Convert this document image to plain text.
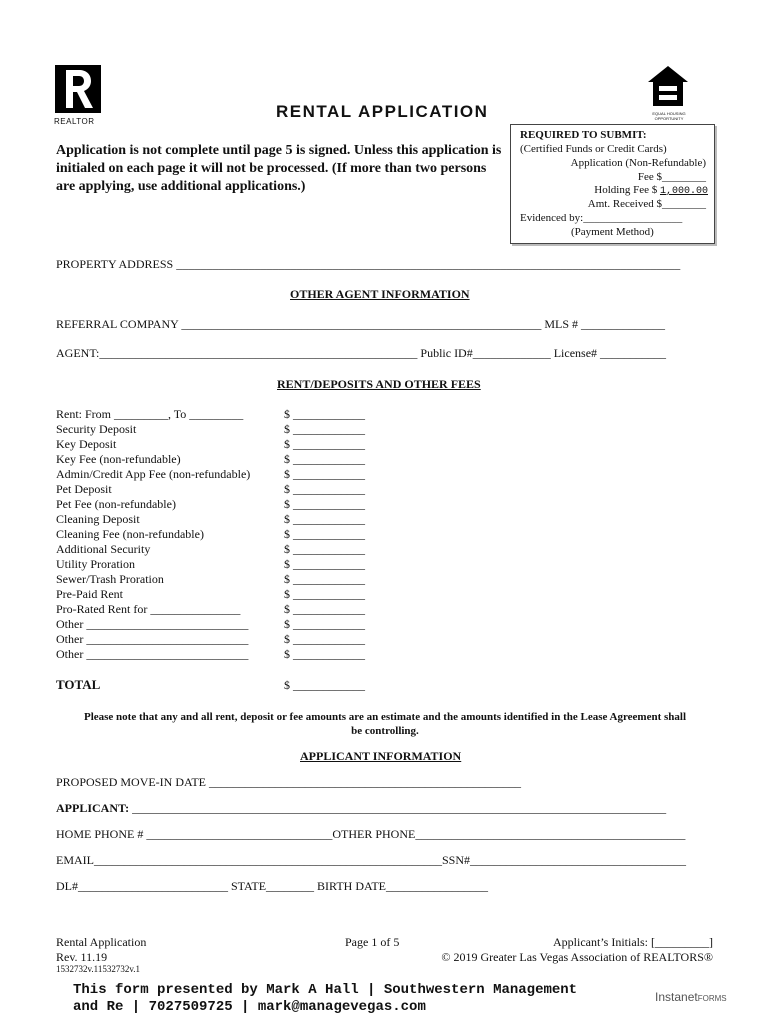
REALTOR
EQUAL HOUSING OPPORTUNITY
RENTAL APPLICATION
Application is not complete until page 5 is signed. Unless this application is initialed on each page it will not be processed. (If more than two persons are applying, use additional applications.)
REQUIRED TO SUBMIT:
(Certified Funds or Credit Cards)
Application (Non-Refundable)
Fee $________
Holding Fee $ 1,000.00
Amt. Received $________
Evidenced by:__________________
(Payment Method)
PROPERTY ADDRESS ____________________________________________________________________________________
OTHER AGENT INFORMATION
REFERRAL COMPANY ____________________________________________________________ MLS # ______________
AGENT:_____________________________________________________ Public ID#_____________ License# ___________
RENT/DEPOSITS AND OTHER FEES
Rent: From _________, To _________
Security Deposit
Key Deposit
Key Fee (non-refundable)
Admin/Credit App Fee (non-refundable)
Pet Deposit
Pet Fee (non-refundable)
Cleaning Deposit
Cleaning Fee (non-refundable)
Additional Security
Utility Proration
Sewer/Trash Proration
Pre-Paid Rent
Pro-Rated Rent for _______________
Other ___________________________
Other ___________________________
Other ___________________________
$ ____________
$ ____________
$ ____________
$ ____________
$ ____________
$ ____________
$ ____________
$ ____________
$ ____________
$ ____________
$ ____________
$ ____________
$ ____________
$ ____________
$ ____________
$ ____________
$ ____________
TOTAL	$ ____________
Please note that any and all rent, deposit or fee amounts are an estimate and the amounts identified in the Lease Agreement shall be controlling.
APPLICANT INFORMATION
PROPOSED MOVE-IN DATE ____________________________________________________
APPLICANT: _________________________________________________________________________________________
HOME PHONE # _______________________________OTHER PHONE_____________________________________________
EMAIL__________________________________________________________SSN#____________________________________
DL#_________________________ STATE________ BIRTH DATE_________________
Rental Application
Rev. 11.19
1532732v.11532732v.1
Page 1 of 5	Applicant’s Initials: [_________]
© 2019 Greater Las Vegas Association of REALTORS®
This form presented by Mark A Hall | Southwestern Management
and Re | 7027509725 | mark@managevegas.com
InstanetFORMS
